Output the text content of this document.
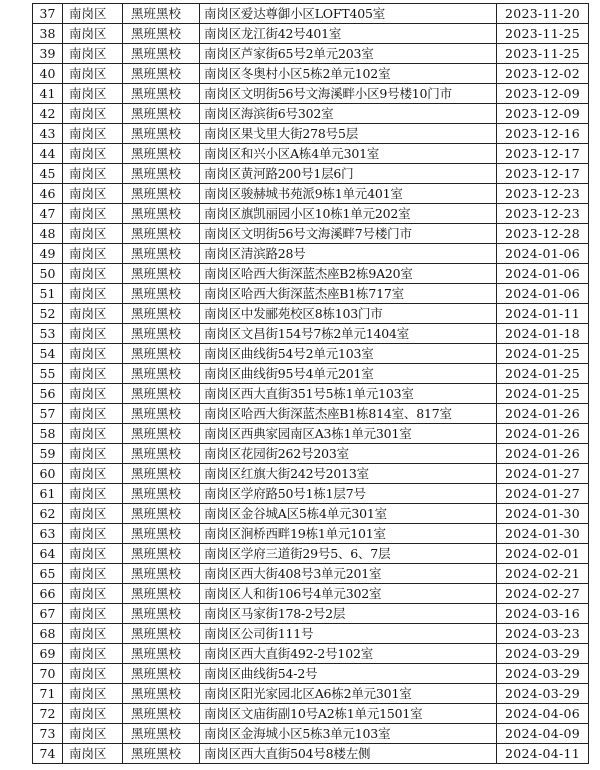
37	南岗区	黑班黑校	南岗区爱达尊御小区LOFT405室	2023-11-20
38	南岗区	黑班黑校	南岗区龙江街42号401室	2023-11-25
39	南岗区	黑班黑校	南岗区芦家街65号2单元203室	2023-11-25
40	南岗区	黑班黑校	南岗区冬奥村小区5栋2单元102室	2023-12-02
41	南岗区	黑班黑校	南岗区文明街56号文海溪畔小区9号楼10门市	2023-12-09
42	南岗区	黑班黑校	南岗区海滨街6号302室	2023-12-09
43	南岗区	黑班黑校	南岗区果戈里大街278号5层	2023-12-16
44	南岗区	黑班黑校	南岗区和兴小区A栋4单元301室	2023-12-17
45	南岗区	黑班黑校	南岗区黄河路200号1层6门	2023-12-17
46	南岗区	黑班黑校	南岗区骏赫城书苑派9栋1单元401室	2023-12-23
47	南岗区	黑班黑校	南岗区旗凯丽园小区10栋1单元202室	2023-12-23
48	南岗区	黑班黑校	南岗区文明街56号文海溪畔7号楼门市	2023-12-28
49	南岗区	黑班黑校	南岗区清滨路28号	2024-01-06
50	南岗区	黑班黑校	南岗区哈西大街深蓝杰座B2栋9A20室	2024-01-06
51	南岗区	黑班黑校	南岗区哈西大街深蓝杰座B1栋717室	2024-01-06
52	南岗区	黑班黑校	南岗区中发郦苑校区8栋103门市	2024-01-11
53	南岗区	黑班黑校	南岗区文昌街154号7栋2单元1404室	2024-01-18
54	南岗区	黑班黑校	南岗区曲线街54号2单元103室	2024-01-25
55	南岗区	黑班黑校	南岗区曲线街95号4单元201室	2024-01-25
56	南岗区	黑班黑校	南岗区西大直街351号5栋1单元103室	2024-01-25
57	南岗区	黑班黑校	南岗区哈西大街深蓝杰座B1栋814室、817室	2024-01-26
58	南岗区	黑班黑校	南岗区西典家园南区A3栋1单元301室	2024-01-26
59	南岗区	黑班黑校	南岗区花园街262号203室	2024-01-26
60	南岗区	黑班黑校	南岗区红旗大街242号2013室	2024-01-27
61	南岗区	黑班黑校	南岗区学府路50号1栋1层7号	2024-01-27
62	南岗区	黑班黑校	南岗区金谷城A区5栋4单元301室	2024-01-30
63	南岗区	黑班黑校	南岗区涧桥西畔19栋1单元101室	2024-01-30
64	南岗区	黑班黑校	南岗区学府三道街29号5、6、7层	2024-02-01
65	南岗区	黑班黑校	南岗区西大街408号3单元201室	2024-02-21
66	南岗区	黑班黑校	南岗区人和街106号4单元302室	2024-02-27
67	南岗区	黑班黑校	南岗区马家街178-2号2层	2024-03-16
68	南岗区	黑班黑校	南岗区公司街111号	2024-03-23
69	南岗区	黑班黑校	南岗区西大直街492-2号102室	2024-03-29
70	南岗区	黑班黑校	南岗区曲线街54-2号	2024-03-29
71	南岗区	黑班黑校	南岗区阳光家园北区A6栋2单元301室	2024-03-29
72	南岗区	黑班黑校	南岗区文庙街副10号A2栋1单元1501室	2024-04-06
73	南岗区	黑班黑校	南岗区金海城小区5栋3单元103室	2024-04-09
74	南岗区	黑班黑校	南岗区西大直街504号8楼左侧	2024-04-11
